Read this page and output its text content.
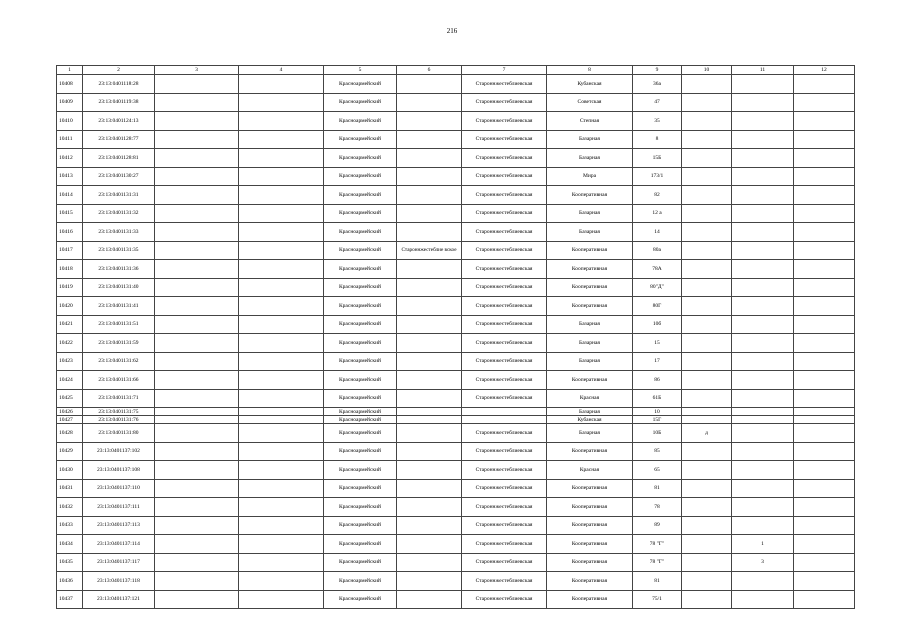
216
1	2	3	4	5	6	7	8	9	10	11	12
10408	23:13:0401118:28			Красноармейский		Староннжестеблиевская	Кубанская	36а			
10409	23:13:0401119:38			Красноармейский		Староннжестеблиевская	Советская	47			
10410	23:13:0401124:13			Красноармейский		Староннжестеблиевская	Степная	35			
10411	23:13:0401128:77			Красноармейский		Староннжестеблиевская	Базарная	8			
10412	23:13:0401128:81			Красноармейский		Староннжестеблиевская	Базарная	15Б			
10413	23:13:0401130:27			Красноармейский		Староннжестеблиевская	Мира	173/1			
10414	23:13:0401131:31			Красноармейский		Староннжестеблиевская	Кооперативная	82			
10415	23:13:0401131:32			Красноармейский		Староннжестеблиевская	Базарная	12 а			
10416	23:13:0401131:33			Красноармейский		Староннжестеблиевская	Базарная	14			
10417	23:13:0401131:35			Красноармейский	Староннжестеблие вское	Староннжестеблиевская	Кооперативная	80а			
10418	23:13:0401131:36			Красноармейский		Староннжестеблиевская	Кооперативная	78А			
10419	23:13:0401131:40			Красноармейский		Староннжестеблиевская	Кооперативная	80"Д"			
10420	23:13:0401131:41			Красноармейский		Староннжестеблиевская	Кооперативная	80Г			
10421	23:13:0401131:51			Красноармейский		Староннжестеблиевская	Базарная	10б			
10422	23:13:0401131:59			Красноармейский		Староннжестеблиевская	Базарная	15			
10423	23:13:0401131:62			Красноармейский		Староннжестеблиевская	Базарная	17			
10424	23:13:0401131:66			Красноармейский		Староннжестеблиевская	Кооперативная	86			
10425	23:13:0401131:71			Красноармейский		Староннжестеблиевская	Красная	61Б			
10426	23:13:0401131:75			Красноармейский			Базарная	10			
10427	23:13:0401131:76			Красноармейский			Кубанская	15Г			
10428	23:13:0401131:80			Красноармейский		Староннжестеблиевская	Базарная	10Б	д		
10429	23:13:0401137:102			Красноармейский		Староннжестеблиевская	Кооперативная	85			
10430	23:13:0401137:108			Красноармейский		Староннжестеблиевская	Красная	65			
10431	23:13:0401137:110			Красноармейский		Староннжестеблиевская	Кооперативная	81			
10432	23:13:0401137:111			Красноармейский		Староннжестеблиевская	Кооперативная	78			
10433	23:13:0401137:113			Красноармейский		Староннжестеблиевская	Кооперативная	89			
10434	23:13:0401137:114			Красноармейский		Староннжестеблиевская	Кооперативная	78 "Г"		1	
10435	23:13:0401137:117			Красноармейский		Староннжестеблиевская	Кооперативная	78 "Г"		3	
10436	23:13:0401137:118			Красноармейский		Староннжестеблиевская	Кооперативная	81			
10437	23:13:0401137:121			Красноармейский		Староннжестеблиевская	Кооперативная	75/1			
